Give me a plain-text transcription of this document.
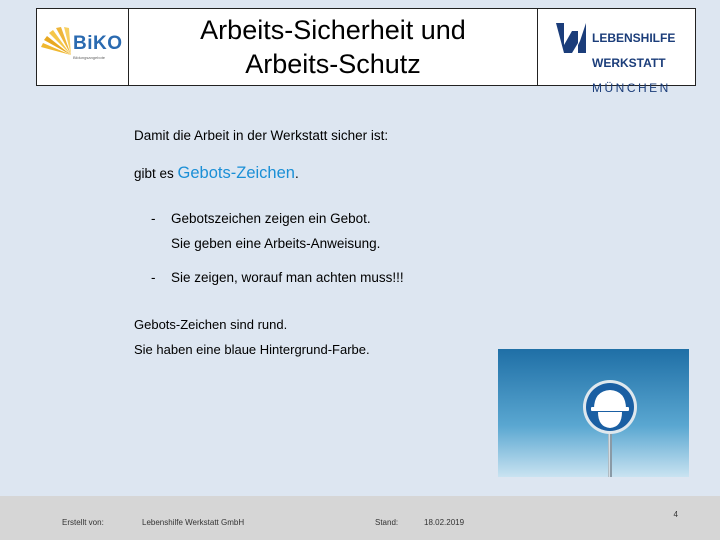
BiKO
Bildungsangebote
Arbeits-Sicherheit und
Arbeits-Schutz

LEBENSHILFE

WERKSTATT

MÜNCHEN

Damit die Arbeit in der Werkstatt sicher ist:
gibt es Gebots-Zeichen.
- Gebotszeichen zeigen ein Gebot.
Sie geben eine Arbeits-Anweisung.
- Sie zeigen, worauf man achten muss!!!
Gebots-Zeichen sind rund.
Sie haben eine blaue Hintergrund-Farbe.
Erstellt von:	Lebenshilfe Werkstatt GmbH	Stand:	18.02.2019
4
